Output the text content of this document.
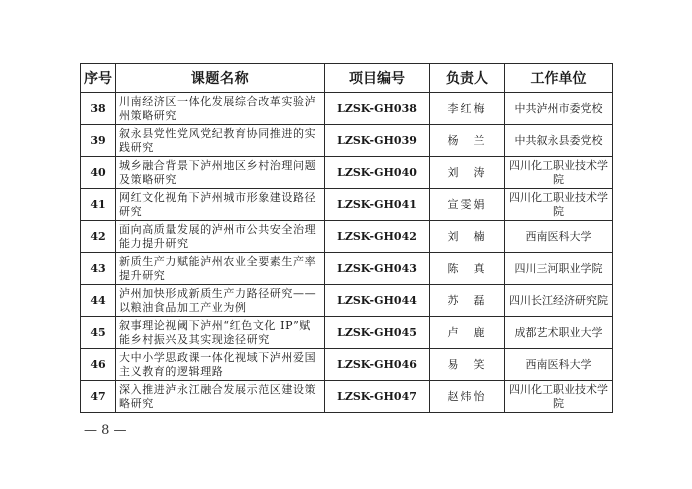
序号	课题名称	项目编号	负责人	工作单位
38	川南经济区一体化发展综合改革实验泸州策略研究	LZSK-GH038	李红梅	中共泸州市委党校
39	叙永县党性党风党纪教育协同推进的实践研究	LZSK-GH039	杨　兰	中共叙永县委党校
40	城乡融合背景下泸州地区乡村治理问题及策略研究	LZSK-GH040	刘　涛	四川化工职业技术学院
41	网红文化视角下泸州城市形象建设路径研究	LZSK-GH041	宣雯娟	四川化工职业技术学院
42	面向高质量发展的泸州市公共安全治理能力提升研究	LZSK-GH042	刘　楠	西南医科大学
43	新质生产力赋能泸州农业全要素生产率提升研究	LZSK-GH043	陈　真	四川三河职业学院
44	泸州加快形成新质生产力路径研究——以粮油食品加工产业为例	LZSK-GH044	苏　磊	四川长江经济研究院
45	叙事理论视阈下泸州“红色文化 IP”赋能乡村振兴及其实现途径研究	LZSK-GH045	卢　鹿	成都艺术职业大学
46	大中小学思政课一体化视域下泸州爱国主义教育的逻辑理路	LZSK-GH046	易　笑	西南医科大学
47	深入推进泸永江融合发展示范区建设策略研究	LZSK-GH047	赵炜怡	四川化工职业技术学院
— 8 —
